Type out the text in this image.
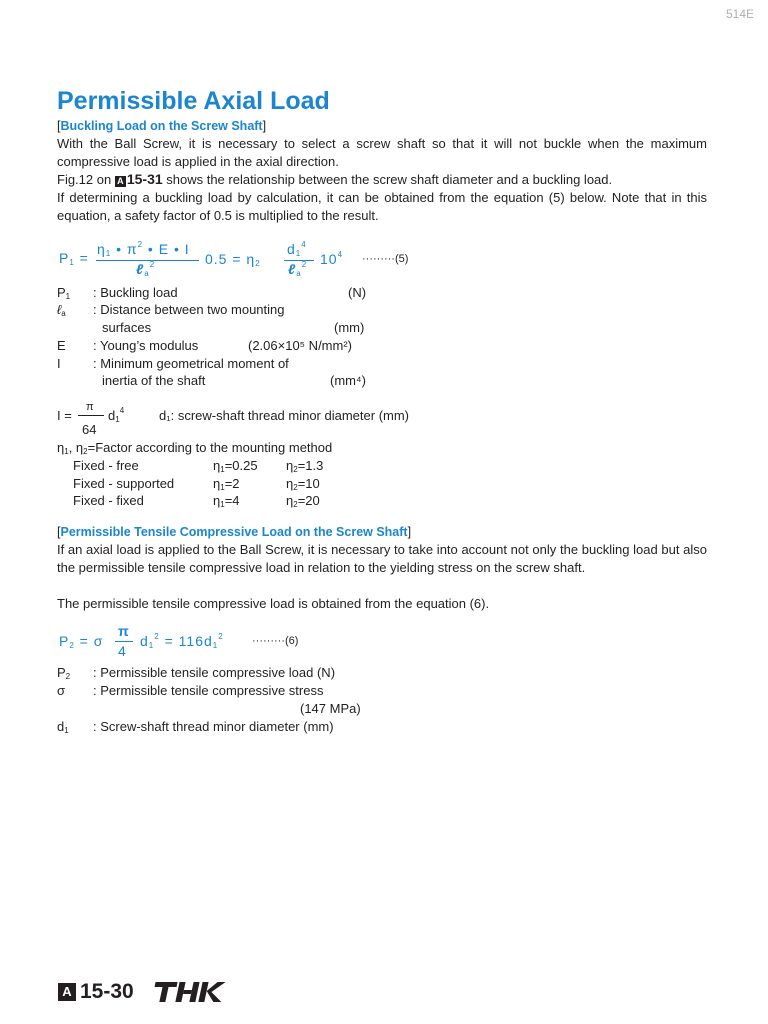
514E
Permissible Axial Load
[Buckling Load on the Screw Shaft]
With the Ball Screw, it is necessary to select a screw shaft so that it will not buckle when the maximum compressive load is applied in the axial direction.
Fig.12 on A 15-31 shows the relationship between the screw shaft diameter and a buckling load.
If determining a buckling load by calculation, it can be obtained from the equation (5) below. Note that in this equation, a safety factor of 0.5 is multiplied to the result.
$P_1$ =
$\eta_1$ • $\pi^2$ • E • I
ℓ$_a^2$	$0.5 = \eta_2$
$d_1^4$
ℓ$_a^2$ $10^4 \cdot\cdot\cdot\cdot\cdot\cdot\cdot\cdot\cdot(5)$
$P_1$ : Buckling load	(N)
ℓ$_a$ : Distance between two mounting
surfaces	(mm)
E : Young’s modulus	(2.06×10⁵ N/mm²)
I : Minimum geometrical moment of
inertia of the shaft	(mm⁴)
I =
π
64
$d_1^4$	d₁: screw-shaft thread minor diameter (mm)
$\eta_1$, $\eta_2=Factor$ according to the mounting method
Fixed - free	$\eta_1=0.25$ $\eta_2=1.3$
Fixed - supported	$\eta_1=2$	$\eta_2=10$
Fixed - fixed	$\eta_1=4$	$\eta_2=20$
[Permissible Tensile Compressive Load on the Screw Shaft]
If an axial load is applied to the Ball Screw, it is necessary to take into account not only the buckling load but also the permissible tensile compressive load in relation to the yielding stress on the screw shaft.
The permissible tensile compressive load is obtained from the equation (6).
$P_2 = \sigma$
π
4
$d_1^2 = 116d_1^2$	·········(6)
$P_2$ : Permissible tensile compressive load (N)
σ : Permissible tensile compressive stress
(147 MPa)
$d_1$ : Screw-shaft thread minor diameter (mm)
A 15-30	THK
